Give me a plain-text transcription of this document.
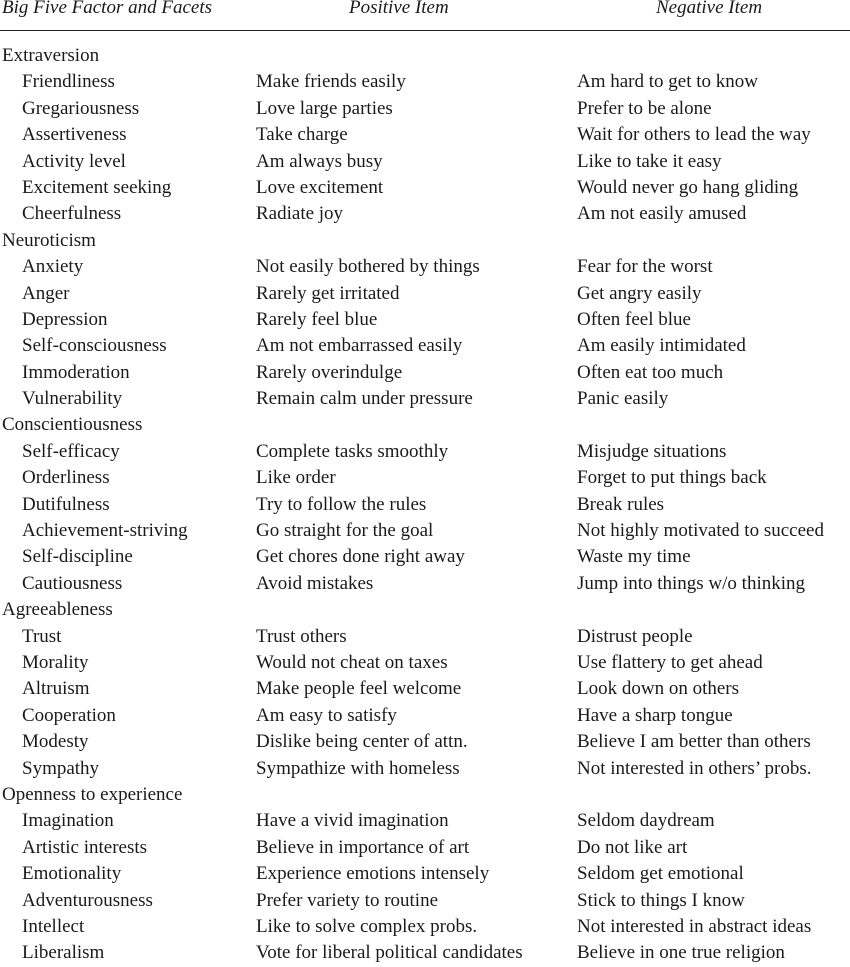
Big Five Factor and Facets	Positive Item	Negative Item
Extraversion
Friendliness	Make friends easily	Am hard to get to know
Gregariousness	Love large parties	Prefer to be alone
Assertiveness	Take charge	Wait for others to lead the way
Activity level	Am always busy	Like to take it easy
Excitement seeking	Love excitement	Would never go hang gliding
Cheerfulness	Radiate joy	Am not easily amused
Neuroticism
Anxiety	Not easily bothered by things	Fear for the worst
Anger	Rarely get irritated	Get angry easily
Depression	Rarely feel blue	Often feel blue
Self-consciousness	Am not embarrassed easily	Am easily intimidated
Immoderation	Rarely overindulge	Often eat too much
Vulnerability	Remain calm under pressure	Panic easily
Conscientiousness
Self-efficacy	Complete tasks smoothly	Misjudge situations
Orderliness	Like order	Forget to put things back
Dutifulness	Try to follow the rules	Break rules
Achievement-striving	Go straight for the goal	Not highly motivated to succeed
Self-discipline	Get chores done right away	Waste my time
Cautiousness	Avoid mistakes	Jump into things w/o thinking
Agreeableness
Trust	Trust others	Distrust people
Morality	Would not cheat on taxes	Use flattery to get ahead
Altruism	Make people feel welcome	Look down on others
Cooperation	Am easy to satisfy	Have a sharp tongue
Modesty	Dislike being center of attn.	Believe I am better than others
Sympathy	Sympathize with homeless	Not interested in others’ probs.
Openness to experience
Imagination	Have a vivid imagination	Seldom daydream
Artistic interests	Believe in importance of art	Do not like art
Emotionality	Experience emotions intensely	Seldom get emotional
Adventurousness	Prefer variety to routine	Stick to things I know
Intellect	Like to solve complex probs.	Not interested in abstract ideas
Liberalism	Vote for liberal political candidates	Believe in one true religion
